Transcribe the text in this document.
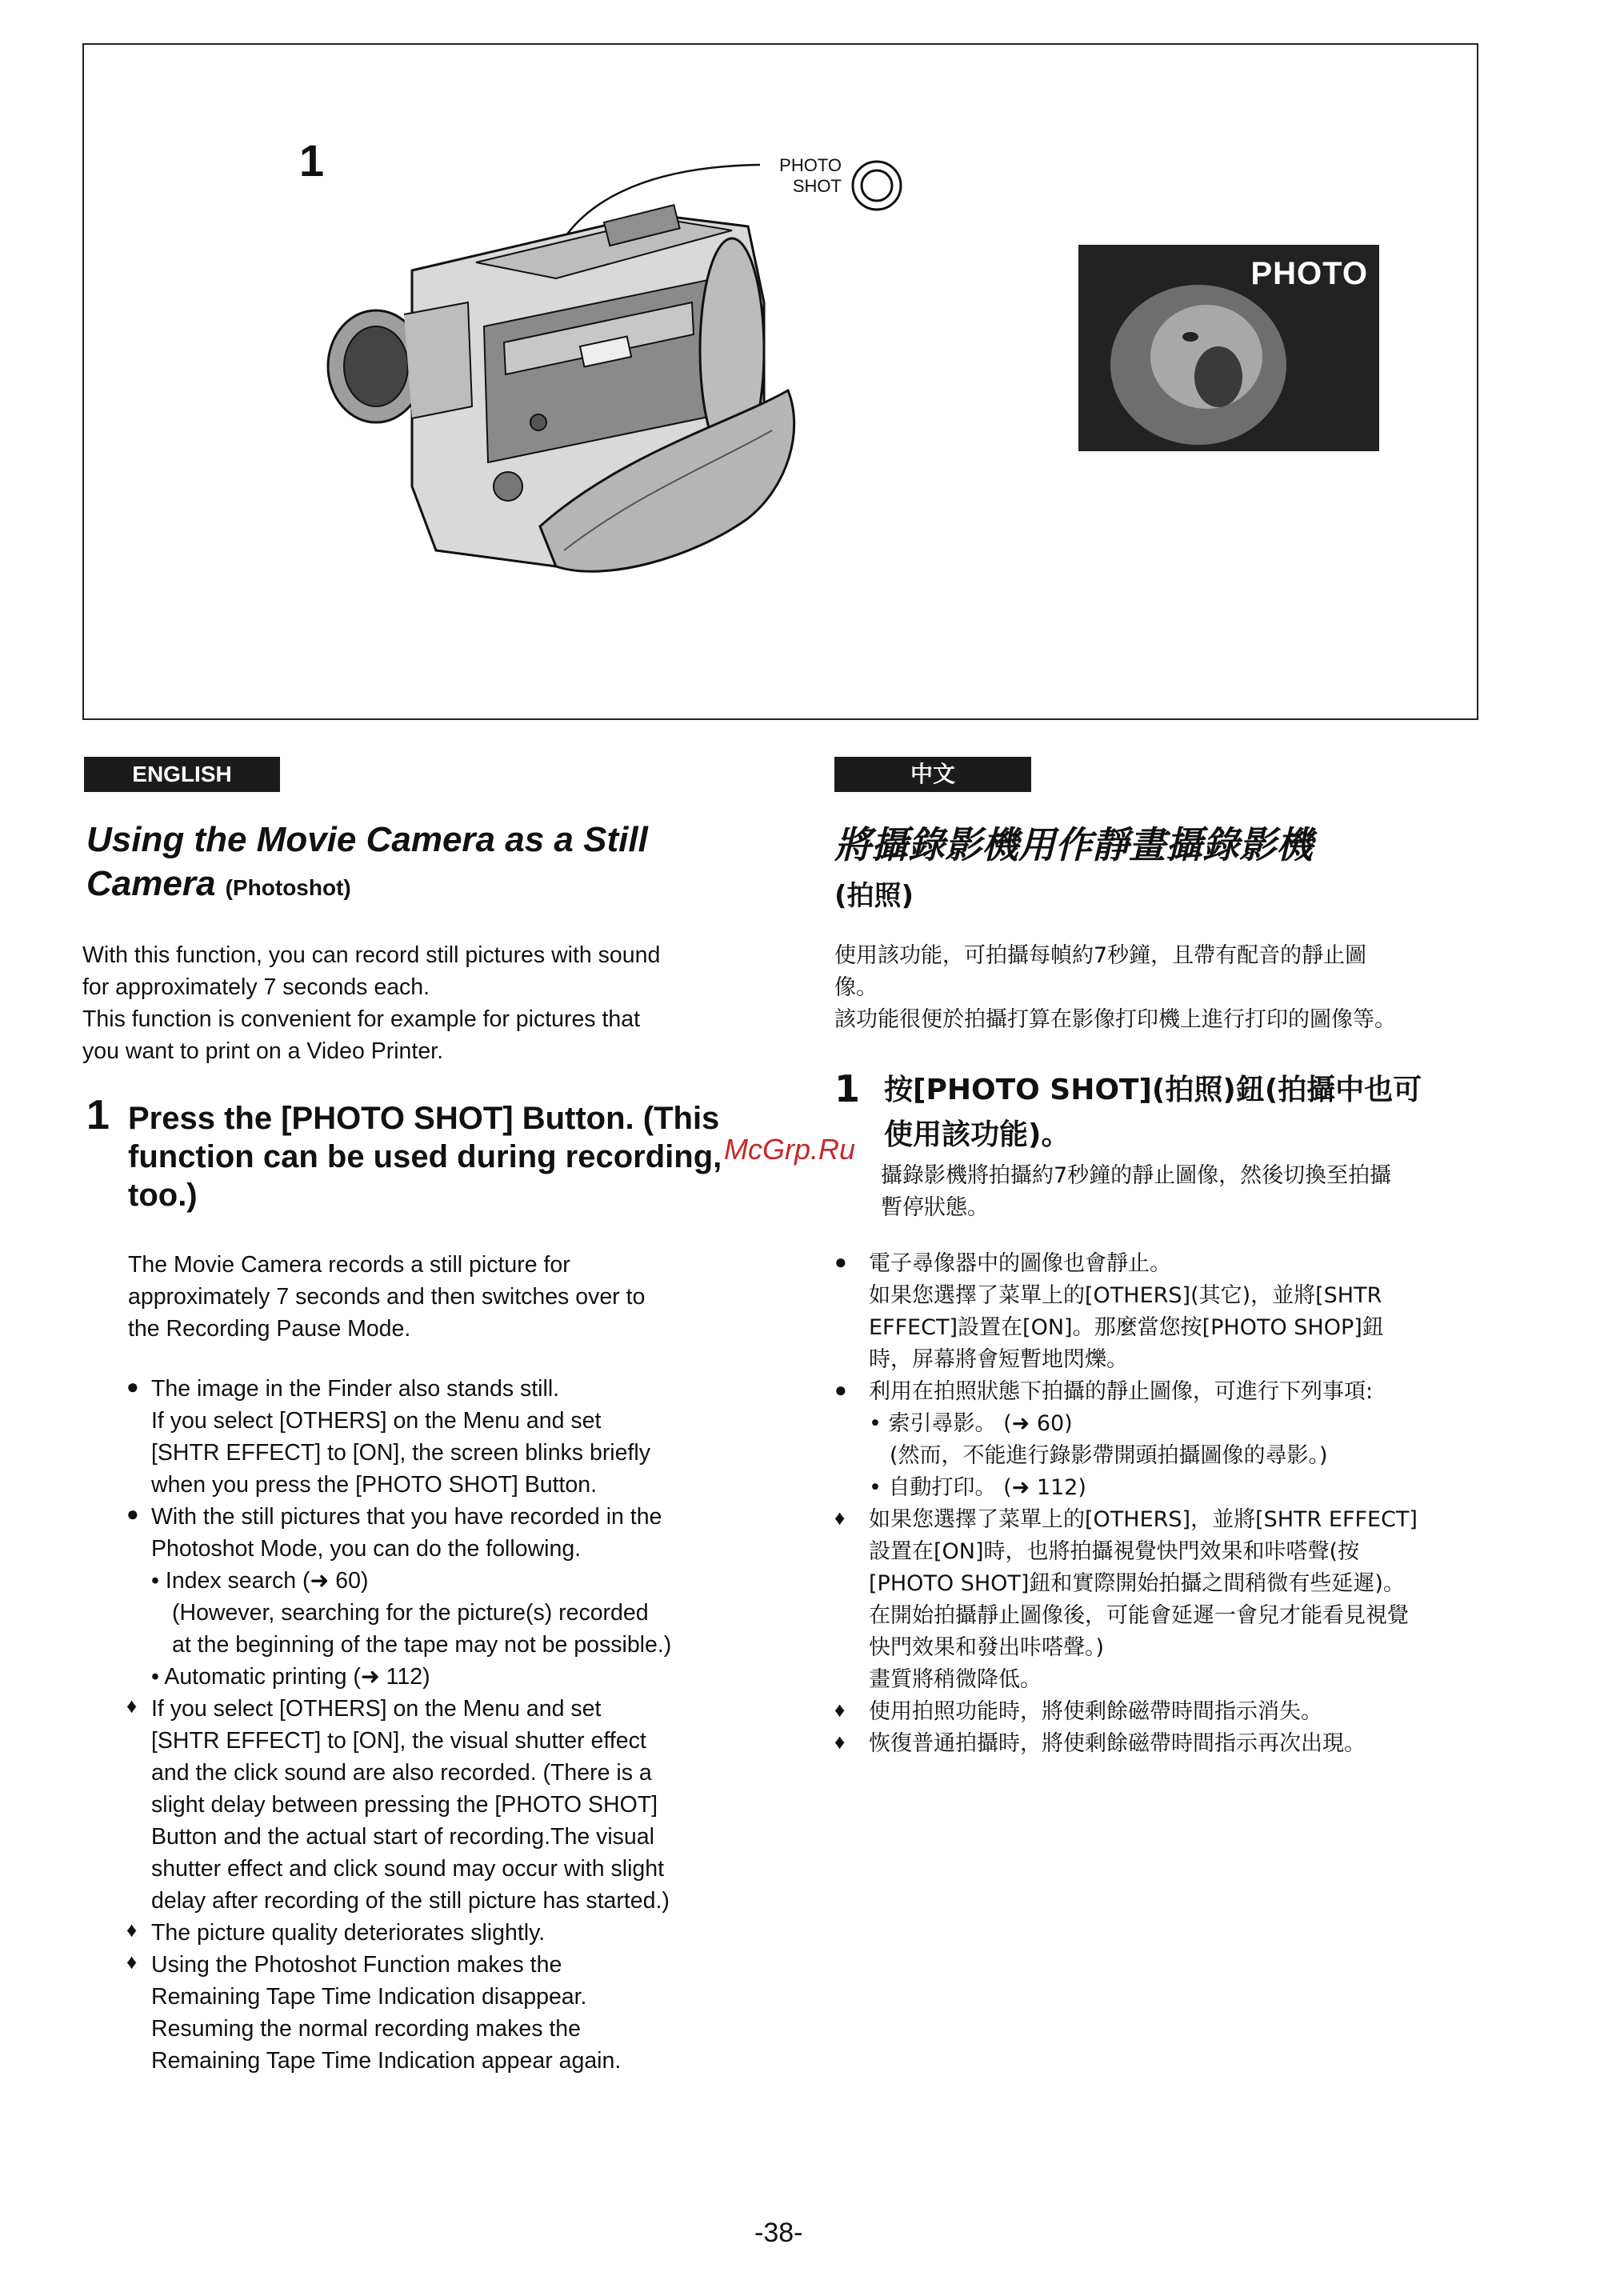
1	PHOTO
SHOT
PHOTO
ENGLISH	中文
Using the Movie Camera as a Still
Camera (Photoshot)
With this function, you can record still pictures with sound
for approximately 7 seconds each.
This function is convenient for example for pictures that
you want to print on a Video Printer.
1 Press the [PHOTO SHOT] Button. (This
function can be used during recording,
too.)
The Movie Camera records a still picture for
approximately 7 seconds and then switches over to
the Recording Pause Mode.
●
●
♦
♦
♦
The image in the Finder also stands still.
If you select [OTHERS] on the Menu and set
[SHTR EFFECT] to [ON], the screen blinks briefly
when you press the [PHOTO SHOT] Button.
With the still pictures that you have recorded in the
Photoshot Mode, you can do the following.
• Index search (➜ 60)
(However, searching for the picture(s) recorded
at the beginning of the tape may not be possible.)
• Automatic printing (➜ 112)
If you select [OTHERS] on the Menu and set
[SHTR EFFECT] to [ON], the visual shutter effect
and the click sound are also recorded. (There is a
slight delay between pressing the [PHOTO SHOT]
Button and the actual start of recording.The visual
shutter effect and click sound may occur with slight
delay after recording of the still picture has started.)
The picture quality deteriorates slightly.
Using the Photoshot Function makes the
Remaining Tape Time Indication disappear.
Resuming the normal recording makes the
Remaining Tape Time Indication appear again.
將攝錄影機用作靜畫攝錄影機
(拍照)
使用該功能，可拍攝每幀約7秒鐘，且帶有配音的靜止圖
像。
該功能很便於拍攝打算在影像打印機上進行打印的圖像等。
1 按[PHOTO SHOT](拍照)鈕(拍攝中也可
使用該功能)。
McGrp.Ru
攝錄影機將拍攝約7秒鐘的靜止圖像，然後切換至拍攝
暫停狀態。
●
●
♦
♦
♦
電子尋像器中的圖像也會靜止。
如果您選擇了菜單上的[OTHERS](其它)，並將[SHTR
EFFECT]設置在[ON]。那麼當您按[PHOTO SHOP]鈕
時，屏幕將會短暫地閃爍。
利用在拍照狀態下拍攝的靜止圖像，可進行下列事項:
• 索引尋影。 (➜ 60)
(然而，不能進行錄影帶開頭拍攝圖像的尋影。)
• 自動打印。 (➜ 112)
如果您選擇了菜單上的[OTHERS]，並將[SHTR EFFECT]
設置在[ON]時，也將拍攝視覺快門效果和咔嗒聲(按
[PHOTO SHOT]鈕和實際開始拍攝之間稍微有些延遲)。
在開始拍攝靜止圖像後，可能會延遲一會兒才能看見視覺
快門效果和發出咔嗒聲。)
畫質將稍微降低。
使用拍照功能時，將使剩餘磁帶時間指示消失。
恢復普通拍攝時，將使剩餘磁帶時間指示再次出現。
-38-
